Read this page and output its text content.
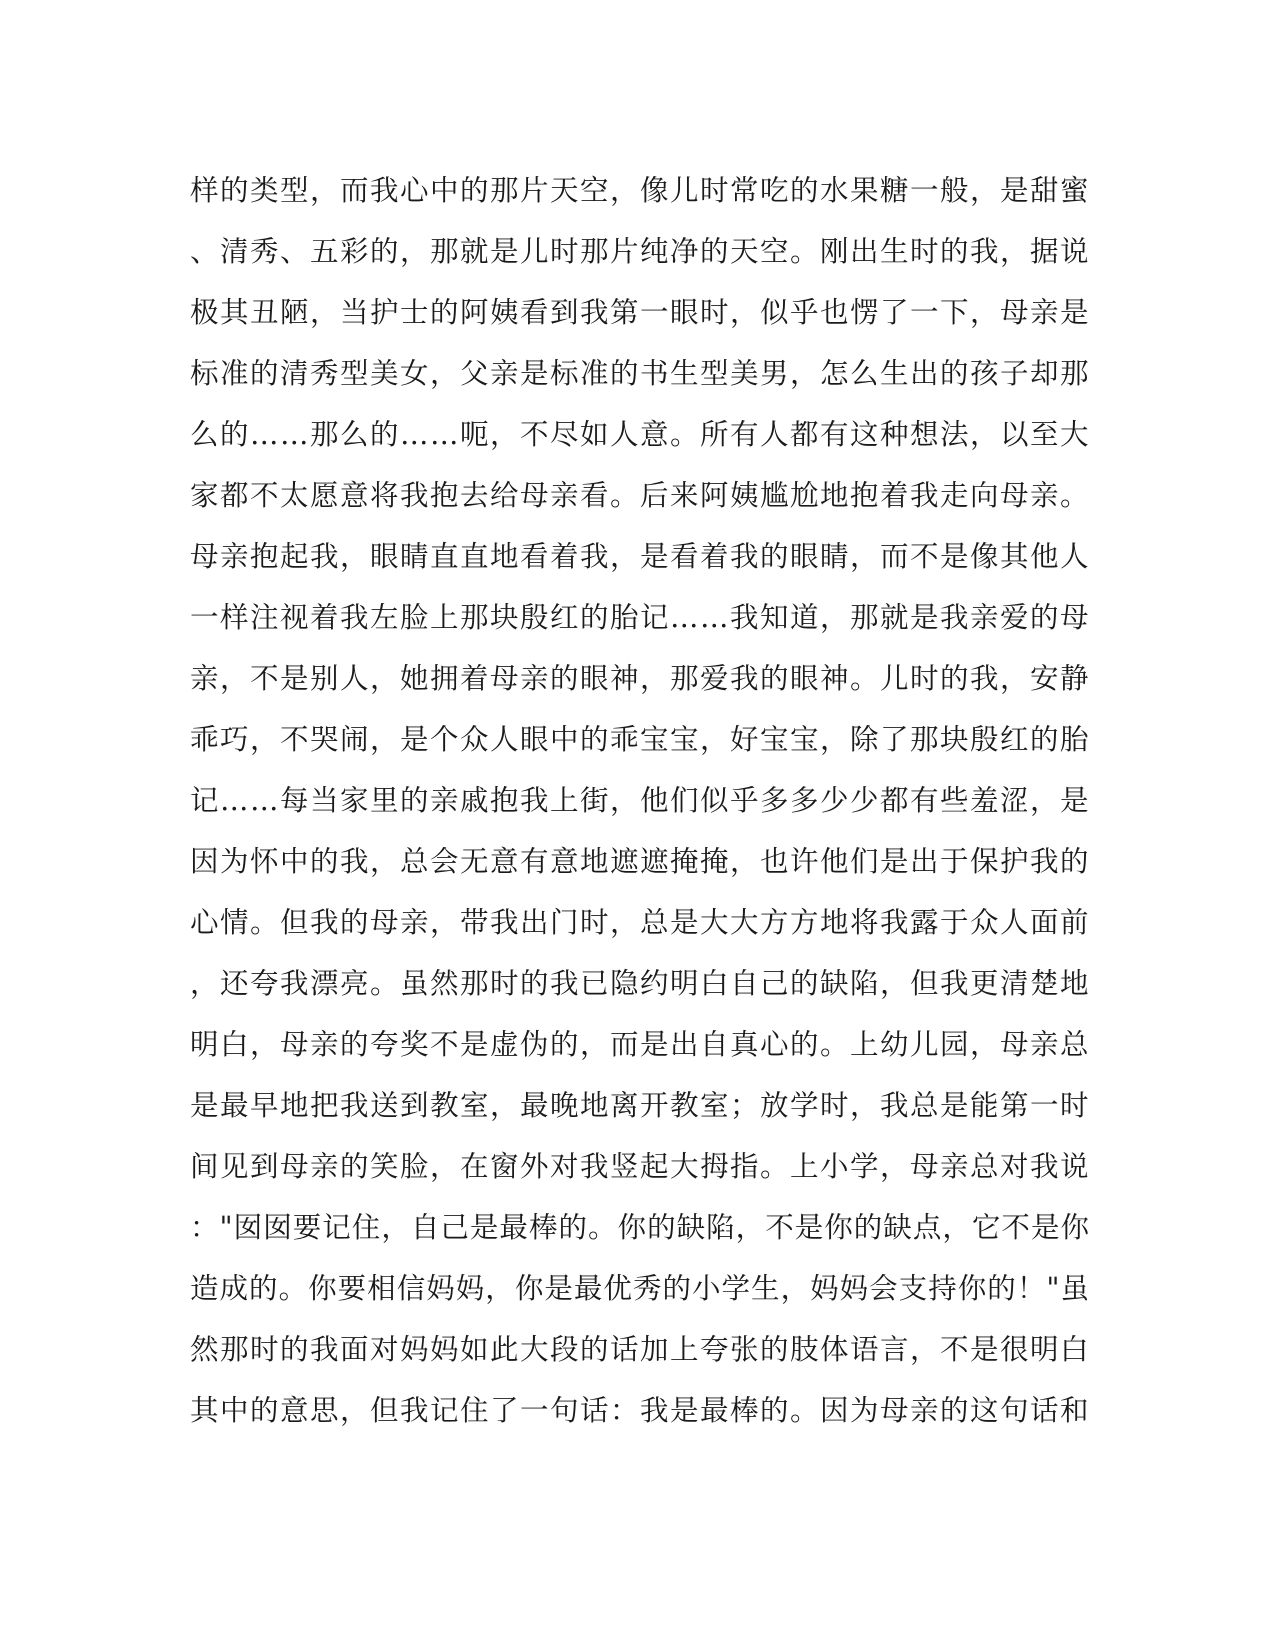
样的类型，而我心中的那片天空，像儿时常吃的水果糖一般，是甜蜜
、清秀、五彩的，那就是儿时那片纯净的天空。刚出生时的我，据说
极其丑陋，当护士的阿姨看到我第一眼时，似乎也愣了一下，母亲是
标准的清秀型美女，父亲是标准的书生型美男，怎么生出的孩子却那
么的……那么的……呃，不尽如人意。所有人都有这种想法，以至大
家都不太愿意将我抱去给母亲看。后来阿姨尴尬地抱着我走向母亲。
母亲抱起我，眼睛直直地看着我，是看着我的眼睛，而不是像其他人
一样注视着我左脸上那块殷红的胎记……我知道，那就是我亲爱的母
亲，不是别人，她拥着母亲的眼神，那爱我的眼神。儿时的我，安静
乖巧，不哭闹，是个众人眼中的乖宝宝，好宝宝，除了那块殷红的胎
记……每当家里的亲戚抱我上街，他们似乎多多少少都有些羞涩，是
因为怀中的我，总会无意有意地遮遮掩掩，也许他们是出于保护我的
心情。但我的母亲，带我出门时，总是大大方方地将我露于众人面前
，还夸我漂亮。虽然那时的我已隐约明白自己的缺陷，但我更清楚地
明白，母亲的夸奖不是虚伪的，而是出自真心的。上幼儿园，母亲总
是最早地把我送到教室，最晚地离开教室；放学时，我总是能第一时
间见到母亲的笑脸，在窗外对我竖起大拇指。上小学，母亲总对我说
："囡囡要记住，自己是最棒的。你的缺陷，不是你的缺点，它不是你
造成的。你要相信妈妈，你是最优秀的小学生，妈妈会支持你的！"虽
然那时的我面对妈妈如此大段的话加上夸张的肢体语言，不是很明白
其中的意思，但我记住了一句话：我是最棒的。因为母亲的这句话和
